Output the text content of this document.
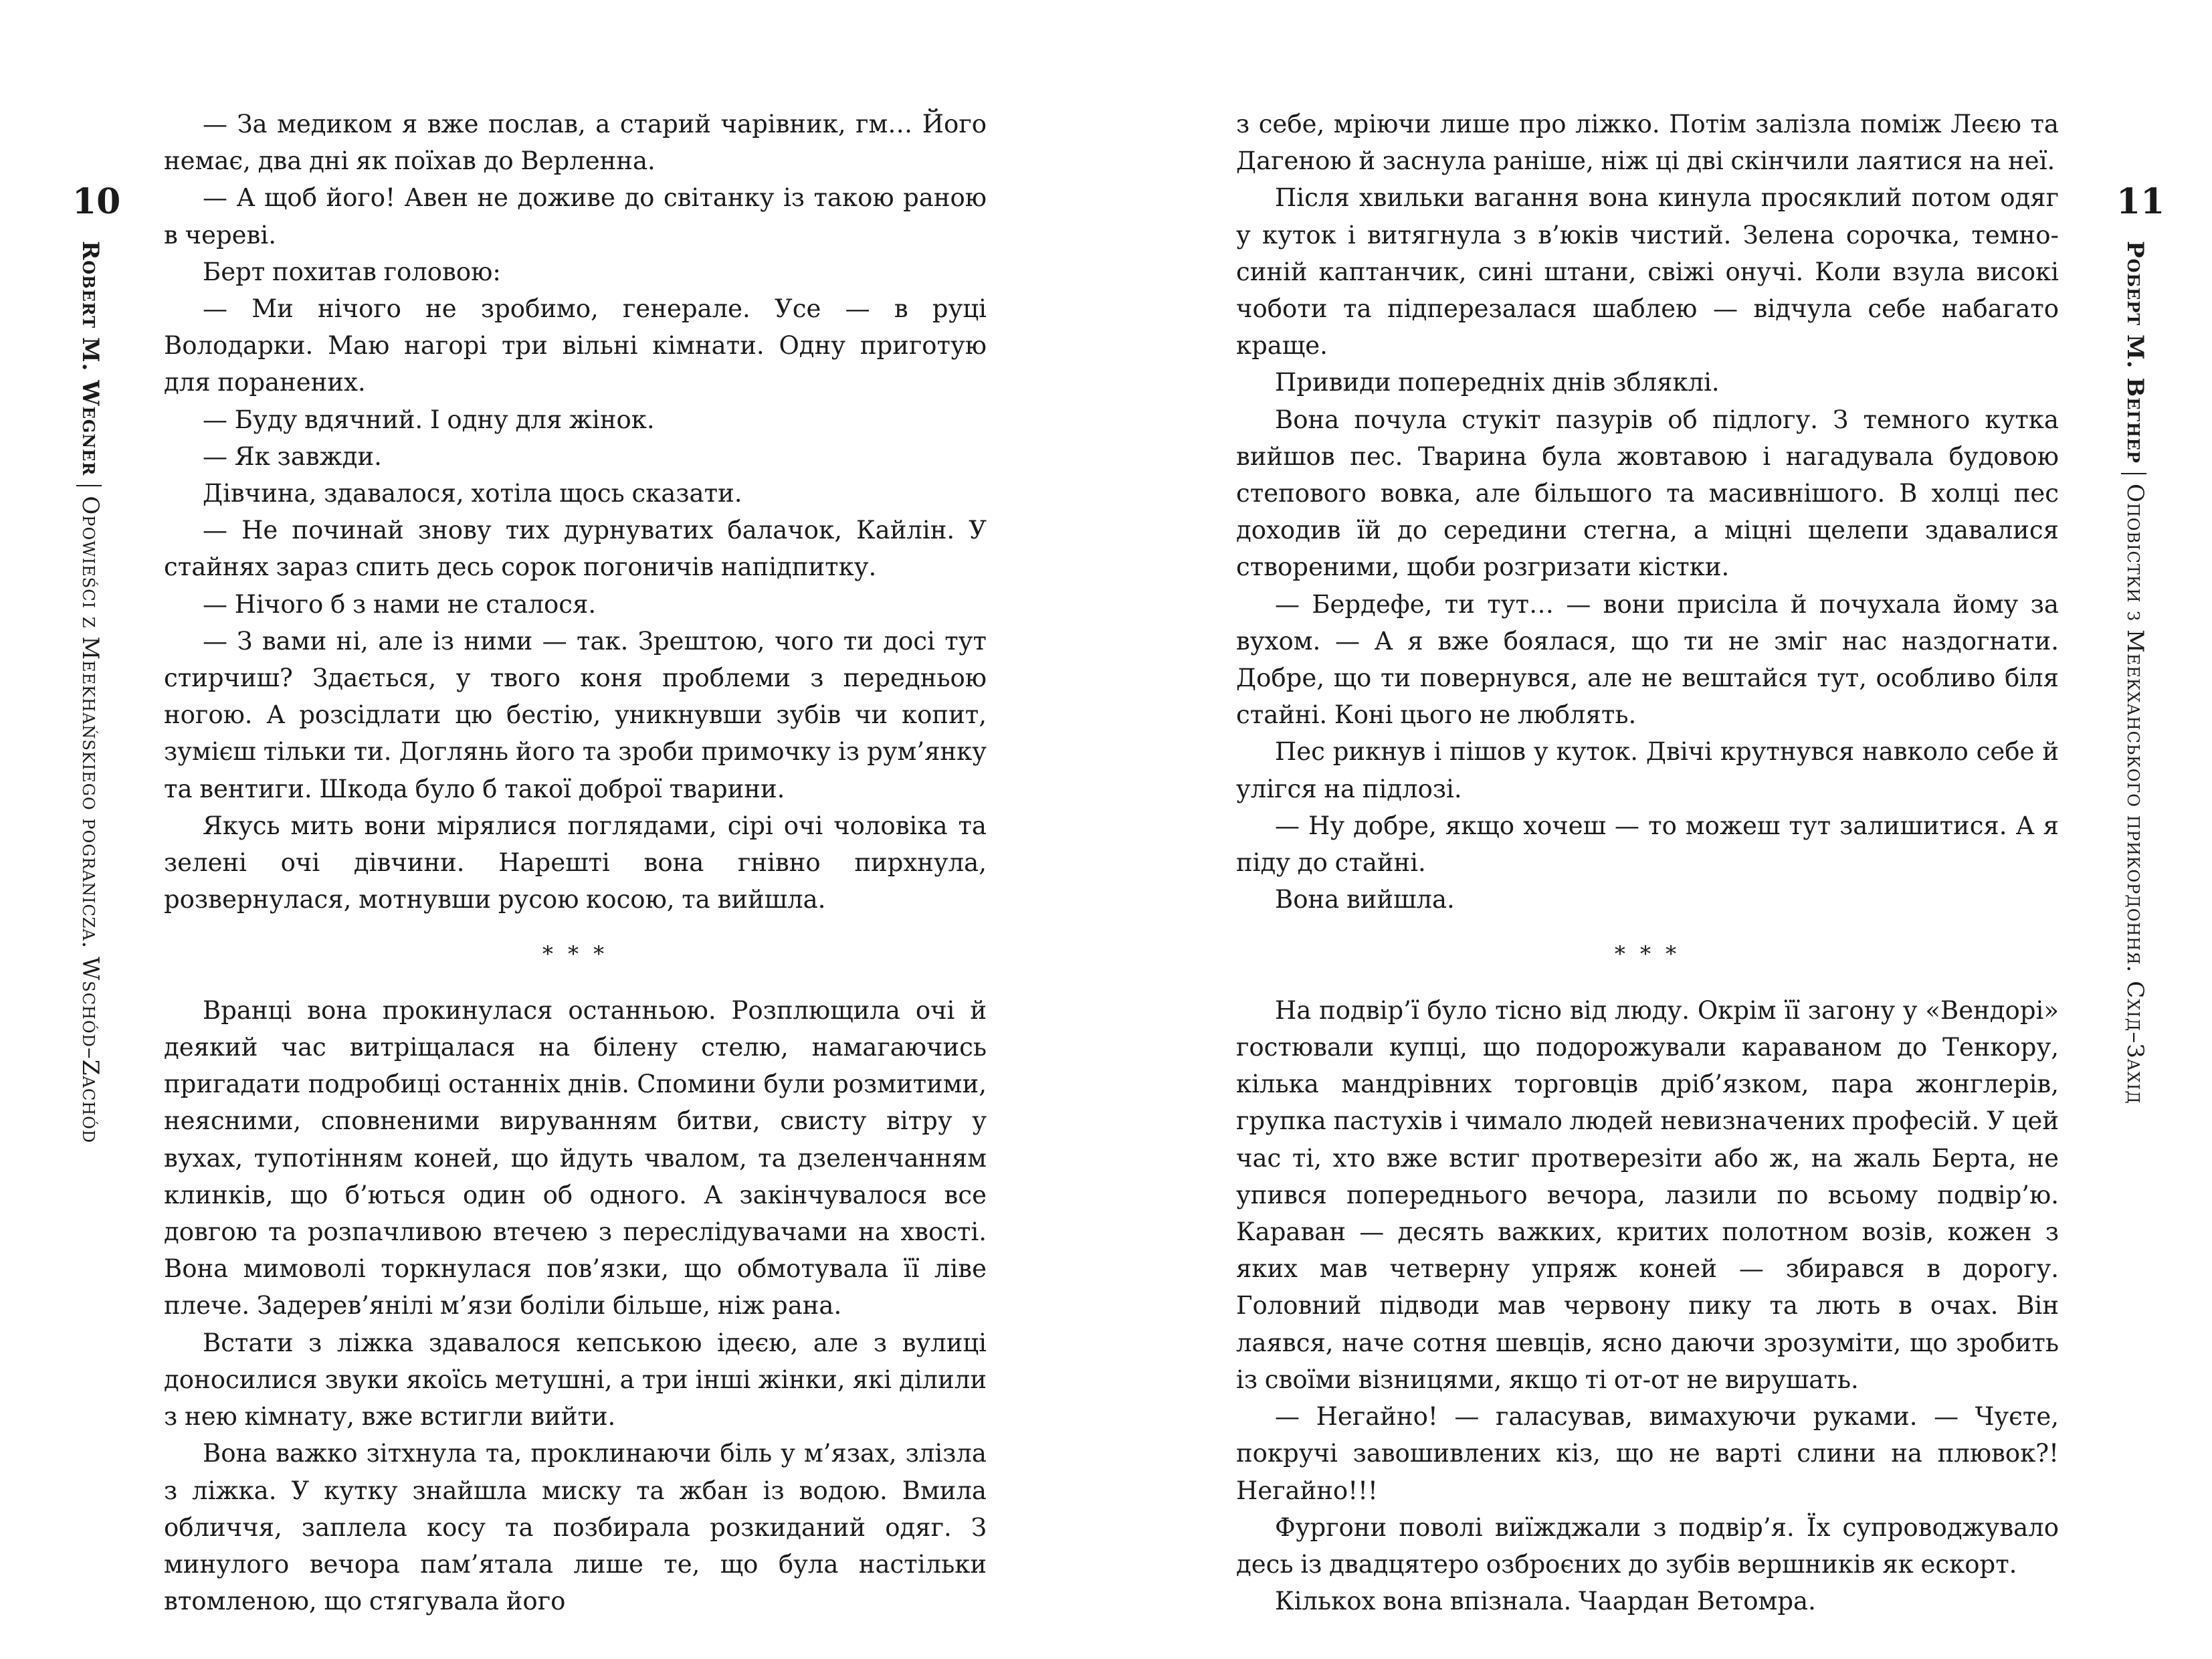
10
Robert M. WegnerOpowieści z Meekhańskiego pogranicza. Wschód–Zachód

— За медиком я вже послав, а старий чарівник, гм… Його немає, два дні як поїхав до Верленна.

— А щоб його! Авен не доживе до світанку із такою раною в череві.

Берт похитав головою:

— Ми нічого не зробимо, генерале. Усе — в руці Володарки. Маю нагорі три вільні кімнати. Одну приготую для поранених.

— Буду вдячний. І одну для жінок.

— Як завжди.

Дівчина, здавалося, хотіла щось сказати.

— Не починай знову тих дурнуватих балачок, Кайлін. У стайнях зараз спить десь сорок погоничів напідпитку.

— Нічого б з нами не сталося.

— З вами ні, але із ними — так. Зрештою, чого ти досі тут стирчиш? Здається, у твого коня проблеми з передньою ногою. А розсідлати цю бестію, уникнувши зубів чи копит, зумієш тільки ти. Доглянь його та зроби примочку із рум’янку та вентиги. Шкода було б такої доброї тварини.

Якусь мить вони мірялися поглядами, сірі очі чоловіка та зелені очі дівчини. Нарешті вона гнівно пирхнула, розвернулася, мотнувши русою косою, та вийшла.

* * *

Вранці вона прокинулася останньою. Розплющила очі й деякий час витріщалася на білену стелю, намагаючись пригадати подробиці останніх днів. Спомини були розмитими, неясними, сповненими вируванням битви, свисту вітру у вухах, тупотінням коней, що йдуть чвалом, та дзеленчанням клинків, що б’ються один об одного. А закінчувалося все довгою та розпачливою втечею з переслідувачами на хвості. Вона мимоволі торкнулася пов’язки, що обмотувала її ліве плече. Задерев’янілі м’язи боліли більше, ніж рана.

Встати з ліжка здавалося кепською ідеєю, але з вулиці доносилися звуки якоїсь метушні, а три інші жінки, які ділили з нею кімнату, вже встигли вийти.

Вона важко зітхнула та, проклинаючи біль у м’язах, злізла з ліжка. У кутку знайшла миску та жбан із водою. Вмила обличчя, заплела косу та позбирала розкиданий одяг. З минулого вечора пам’ятала лише те, що була настільки втомленою, що стягувала його

11
Роберт М. ВегнерОповістки з Меекханського прикордоння. Схід–Захід

з себе, мріючи лише про ліжко. Потім залізла поміж Леєю та Дагеною й заснула раніше, ніж ці дві скінчили лаятися на неї.

Після хвильки вагання вона кинула просяклий потом одяг у куток і витягнула з в’юків чистий. Зелена сорочка, темно-синій каптанчик, сині штани, свіжі онучі. Коли взула високі чоботи та підперезалася шаблею — відчула себе набагато краще.

Привиди попередніх днів збляклі.

Вона почула стукіт пазурів об підлогу. З темного кутка вийшов пес. Тварина була жовтавою і нагадувала будовою степового вовка, але більшого та масивнішого. В холці пес доходив їй до середини стегна, а міцні щелепи здавалися створеними, щоби розгризати кістки.

— Бердефе, ти тут… — вони присіла й почухала йому за вухом. — А я вже боялася, що ти не зміг нас наздогнати. Добре, що ти повернувся, але не вештайся тут, особливо біля стайні. Коні цього не люблять.

Пес рикнув і пішов у куток. Двічі крутнувся навколо себе й улігся на підлозі.

— Ну добре, якщо хочеш — то можеш тут залишитися. А я піду до стайні.

Вона вийшла.

* * *

На подвір’ї було тісно від люду. Окрім її загону у «Вендорі» гостювали купці, що подорожували караваном до Тенкору, кілька мандрівних торговців дріб’язком, пара жонглерів, групка пастухів і чимало людей невизначених професій. У цей час ті, хто вже встиг протверезіти або ж, на жаль Берта, не упився попереднього вечора, лазили по всьому подвір’ю. Караван — десять важких, критих полотном возів, кожен з яких мав четверну упряж коней — збирався в дорогу. Головний підводи мав червону пику та лють в очах. Він лаявся, наче сотня шевців, ясно даючи зрозуміти, що зробить із своїми візницями, якщо ті от-от не вирушать.

— Негайно! — галасував, вимахуючи руками. — Чуєте, покручі завошивлених кіз, що не варті слини на плювок?! Негайно!!!

Фургони поволі виїжджали з подвір’я. Їх супроводжувало десь із двадцятеро озброєних до зубів вершників як ескорт.

Кількох вона впізнала. Чаардан Ветомра.
